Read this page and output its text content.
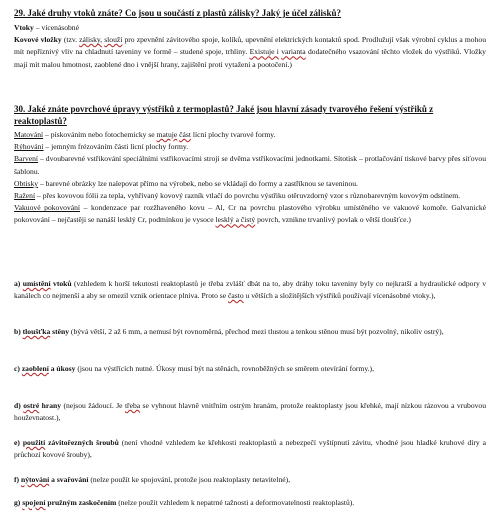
29. Jaké druhy vtoků znáte? Co jsou u součástí z plastů zálisky? Jaký je účel zálisků?
Vtoky – vícenásobné
Kovové vložky (tzv. zálisky, slouží pro zpevnění závitového spoje, kolíků, upevnění elektrických kontaktů spod. Prodlužují však výrobní cyklus a mohou mít nepříznivý vliv na chladnutí taveniny ve formě – studené spoje, trhliny. Existuje i varianta dodatečného vsazování těchto vložek do výstřiků. Vložky mají mít malou hmotnost, zaoblené dno i vnější hrany, zajištění proti vytažení a pootočení.)
30. Jaké znáte povrchové úpravy výstřiků z termoplastů? Jaké jsou hlavní zásady tvarového řešení výstřiků z reaktoplastů?
Matování – pískováním nebo fotochemicky se matuje část lícní plochy tvarové formy.
Rýhování – jemným frézováním části lícní plochy formy.
Barvení – dvoubarevné vstřikování speciálními vstřikovacími stroji se dvěma vstřikovacími jednotkami. Sítotisk – protlačování tiskové barvy přes síťovou šablonu.
Obtisky – barevné obrázky lze nalepovat přímo na výrobek, nebo se vkládají do formy a zastříknou se taveninou.
Ražení – přes kovovou fólii za tepla, vyhřívaný kovový razník vtlačí do povrchu výstřiku otěruvzdorný vzor s různobarevným kovovým odstínem.
Vakuové pokovování – kondenzace par rozžhaveného kovu – Al, Cr na povrchu plastového výrobku umístěného ve vakuové komoře. Galvanické pokovování – nejčastěji se nanáší lesklý Cr, podmínkou je vysoce lesklý a čistý povrch, vznikne trvanlivý povlak o větší tloušťce.)
a) umístění vtoků (vzhledem k horší tekutosti reaktoplastů je třeba zvlášť dbát na to, aby dráhy toku taveniny byly co nejkratší a hydraulické odpory v kanálech co nejmenší a aby se omezil vznik orientace plniva. Proto se často u větších a složitějších výstřiků používají vícenásobné vtoky.),
b) tloušťka stěny (bývá větší, 2 až 6 mm, a nemusí být rovnoměrná, přechod mezi tlustou a tenkou stěnou musí být pozvolný, nikoliv ostrý),
c) zaoblení a úkosy (jsou na výstřících nutné. Úkosy musí být na stěnách, rovnoběžných se směrem otevírání formy.),
d) ostré hrany (nejsou žádoucí. Je třeba se vyhnout hlavně vnitřním ostrým hranám, protože reaktoplasty jsou křehké, mají nízkou rázovou a vrubovou houževnatost.),
e) použití závitořezných šroubů (není vhodné vzhledem ke křehkosti reaktoplastů a nebezpečí vyštípnutí závitu, vhodné jsou hladké kruhové díry a průchozí kovové šrouby),
f) nýtování a svařování (nelze použít ke spojování, protože jsou reaktoplasty netavitelné),
g) spojení pružným zaskočením (nelze použít vzhledem k nepatrné tažnosti a deformovatelnosti reaktoplastů).
